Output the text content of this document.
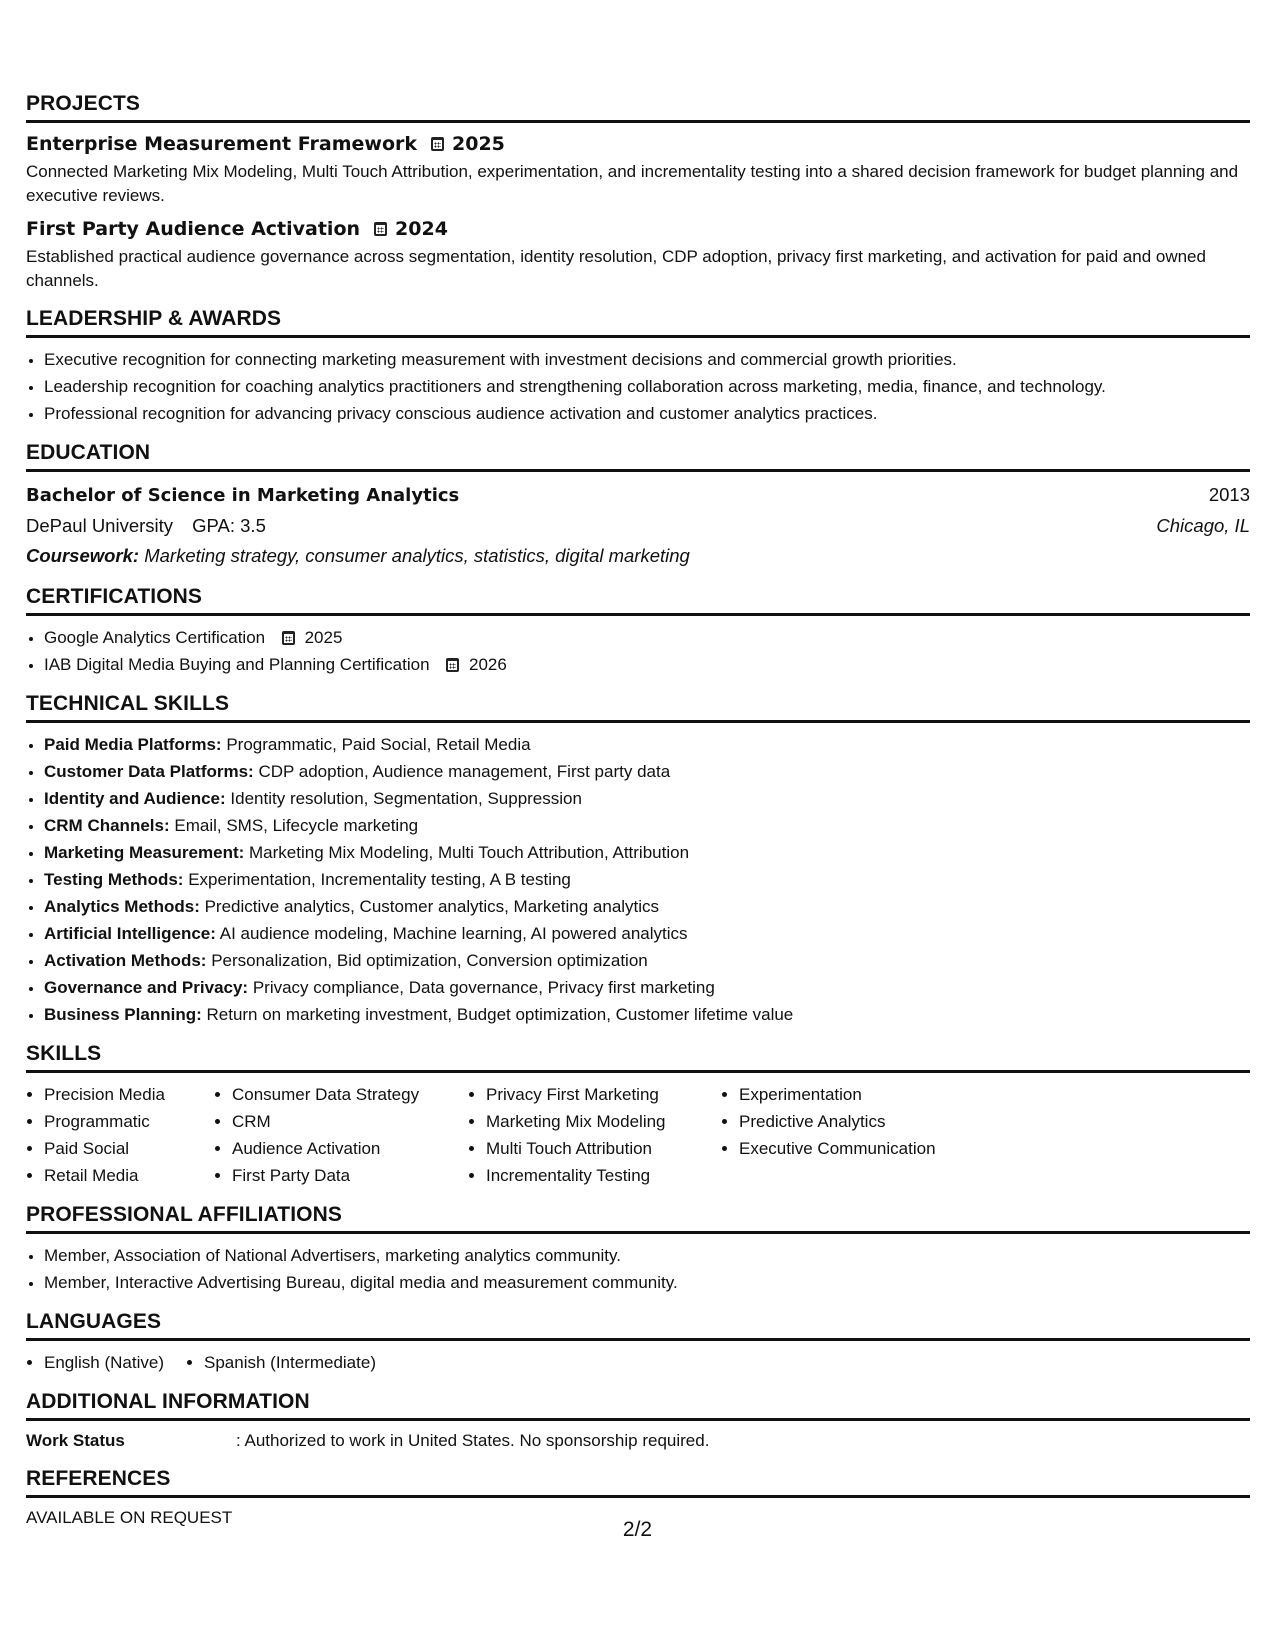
PROJECTS
Enterprise Measurement Framework 2025
Connected Marketing Mix Modeling, Multi Touch Attribution, experimentation, and incrementality testing into a shared decision framework for budget planning and executive reviews.
First Party Audience Activation 2024
Established practical audience governance across segmentation, identity resolution, CDP adoption, privacy first marketing, and activation for paid and owned channels.
LEADERSHIP & AWARDS
• Executive recognition for connecting marketing measurement with investment decisions and commercial growth priorities.
• Leadership recognition for coaching analytics practitioners and strengthening collaboration across marketing, media, finance, and technology.
• Professional recognition for advancing privacy conscious audience activation and customer analytics practices.
EDUCATION
Bachelor of Science in Marketing Analytics	2013
DePaul University GPA: 3.5	Chicago, IL
Coursework: Marketing strategy, consumer analytics, statistics, digital marketing
CERTIFICATIONS
• Google Analytics Certification 2025
• IAB Digital Media Buying and Planning Certification 2026
TECHNICAL SKILLS
• Paid Media Platforms: Programmatic, Paid Social, Retail Media
• Customer Data Platforms: CDP adoption, Audience management, First party data
• Identity and Audience: Identity resolution, Segmentation, Suppression
• CRM Channels: Email, SMS, Lifecycle marketing
• Marketing Measurement: Marketing Mix Modeling, Multi Touch Attribution, Attribution
• Testing Methods: Experimentation, Incrementality testing, A B testing
• Analytics Methods: Predictive analytics, Customer analytics, Marketing analytics
• Artificial Intelligence: AI audience modeling, Machine learning, AI powered analytics
• Activation Methods: Personalization, Bid optimization, Conversion optimization
• Governance and Privacy: Privacy compliance, Data governance, Privacy first marketing
• Business Planning: Return on marketing investment, Budget optimization, Customer lifetime value
SKILLS
• Precision Media
• Programmatic
• Paid Social
• Retail Media
• Consumer Data Strategy
• CRM
• Audience Activation
• First Party Data
• Privacy First Marketing
• Marketing Mix Modeling
• Multi Touch Attribution
• Incrementality Testing
• Experimentation
• Predictive Analytics
• Executive Communication
PROFESSIONAL AFFILIATIONS
• Member, Association of National Advertisers, marketing analytics community.
• Member, Interactive Advertising Bureau, digital media and measurement community.
LANGUAGES
• English (Native)
• Spanish (Intermediate)
ADDITIONAL INFORMATION
Work Status	: Authorized to work in United States. No sponsorship required.
REFERENCES
AVAILABLE ON REQUEST
2/2
